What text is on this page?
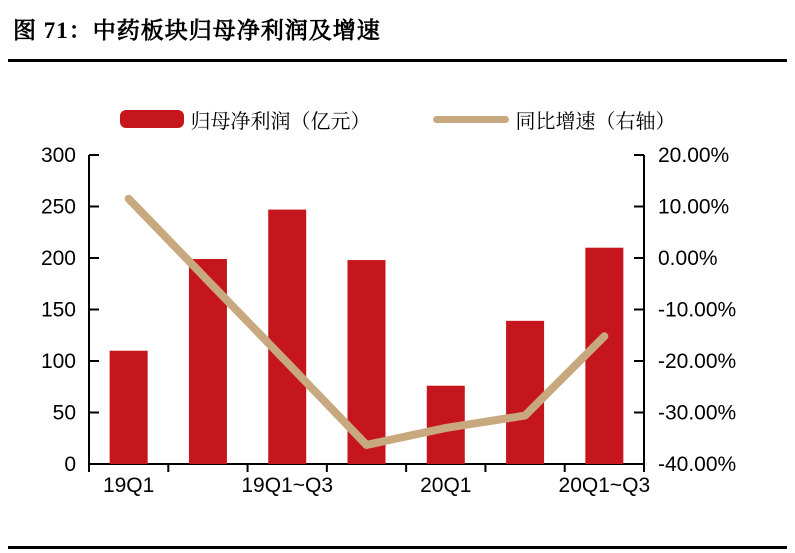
图 71：中药板块归母净利润及增速
归母净利润（亿元）	同比增速（右轴）
300
250
200
150
100
50
0
20.00%
10.00%
0.00%
-10.00%
-20.00%
-30.00%
-40.00%
19Q1	19Q1~Q3	20Q1	20Q1~Q3
